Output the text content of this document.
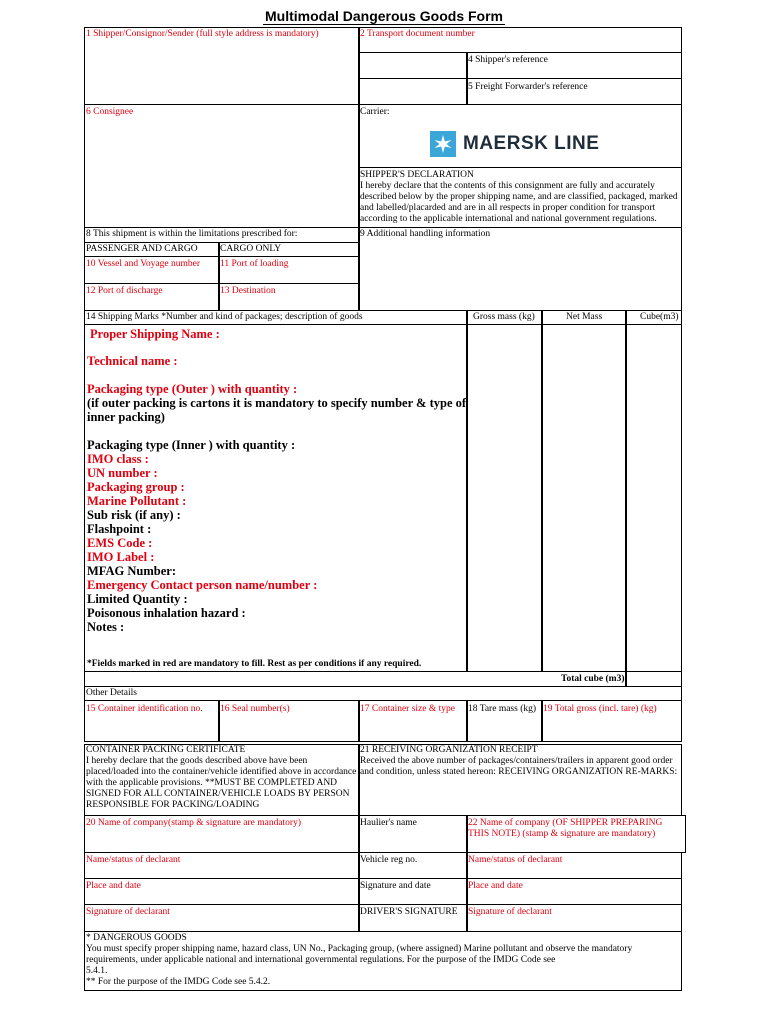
Multimodal Dangerous Goods Form
1 Shipper/Consignor/Sender (full style address is mandatory)	2 Transport document number
4 Shipper's reference
5 Freight Forwarder's reference
6 Consignee	Carrier:
MAERSK LINE
SHIPPER'S DECLARATION
I hereby declare that the contents of this consignment are fully and accurately described below by the proper shipping name, and are classified, packaged, marked and labelled/placarded and are in all respects in proper condition for transport according to the applicable international and national government regulations.
8 This shipment is within the limitations prescribed for:	9 Additional handling information
PASSENGER AND CARGO CARGO ONLY
10 Vessel and Voyage number 11 Port of loading
12 Port of discharge	13 Destination
14 Shipping Marks *Number and kind of packages; description of goods	Gross mass (kg)	Net Mass	Cube(m3)
Proper Shipping Name :
Technical name :
Packaging type (Outer ) with quantity :
(if outer packing is cartons it is mandatory to specify number & type of
inner packing)
Packaging type (Inner ) with quantity :
IMO class :
UN number :
Packaging group :
Marine Pollutant :
Sub risk (if any) :
Flashpoint :
EMS Code :
IMO Label :
MFAG Number:
Emergency Contact person name/number :
Limited Quantity :
Poisonous inhalation hazard :
Notes :
*Fields marked in red are mandatory to fill. Rest as per conditions if any required.
Total cube (m3)
Other Details
15 Container identification no. 16 Seal number(s)	17 Container size & type 18 Tare mass (kg) 19 Total gross (incl. tare) (kg)
CONTAINER PACKING CERTIFICATE
I hereby declare that the goods described above have been
placed/loaded into the container/vehicle identified above in accordance
with the applicable provisions. **MUST BE COMPLETED AND
SIGNED FOR ALL CONTAINER/VEHICLE LOADS BY PERSON
RESPONSIBLE FOR PACKING/LOADING
21 RECEIVING ORGANIZATION RECEIPT
Received the above number of packages/containers/trailers in apparent good order
and condition, unless stated hereon: RECEIVING ORGANIZATION RE-MARKS:
20 Name of company(stamp & signature are mandatory)	Haulier's name	22 Name of company (OF SHIPPER PREPARING THIS NOTE) (stamp & signature are mandatory)
Name/status of declarant	Vehicle reg no.	Name/status of declarant
Place and date	Signature and date	Place and date
Signature of declarant	DRIVER'S SIGNATURE Signature of declarant
* DANGEROUS GOODS
You must specify proper shipping name, hazard class, UN No., Packaging group, (where assigned) Marine pollutant and observe the mandatory
requirements, under applicable national and international governmental regulations. For the purpose of the IMDG Code see
5.4.1.
** For the purpose of the IMDG Code see 5.4.2.
